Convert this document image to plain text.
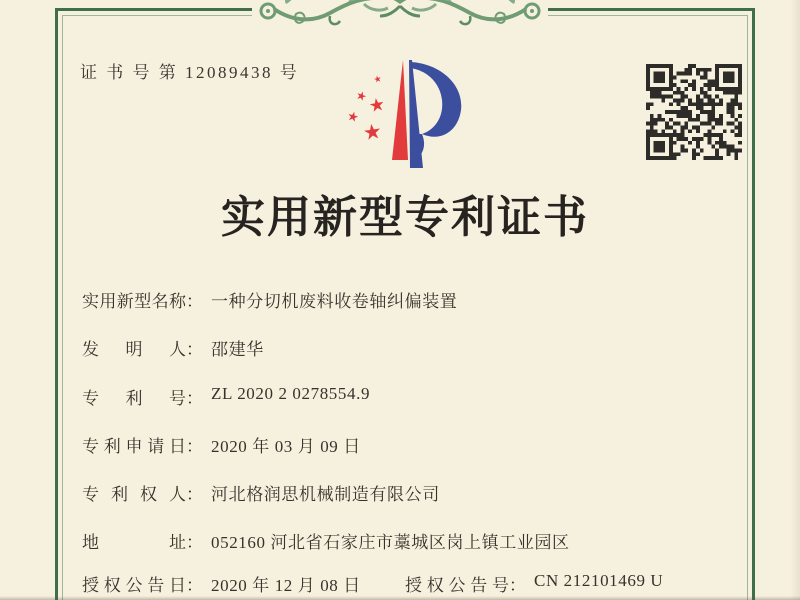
证 书 号 第 12089438 号	★
★
★
★
★
实用新型专利证书
实用新型名称 ： 一种分切机废料收卷轴纠偏装置
发明人 ： 邵建华
专利号 ： ZL 2020 2 0278554.9
专利申请日 ： 2020 年 03 月 09 日
专利权人 ： 河北格润思机械制造有限公司
地址 ： 052160 河北省石家庄市藁城区岗上镇工业园区
授权公告日 ： 2020 年 12 月 08 日	授权公告号 ： CN 212101469 U
